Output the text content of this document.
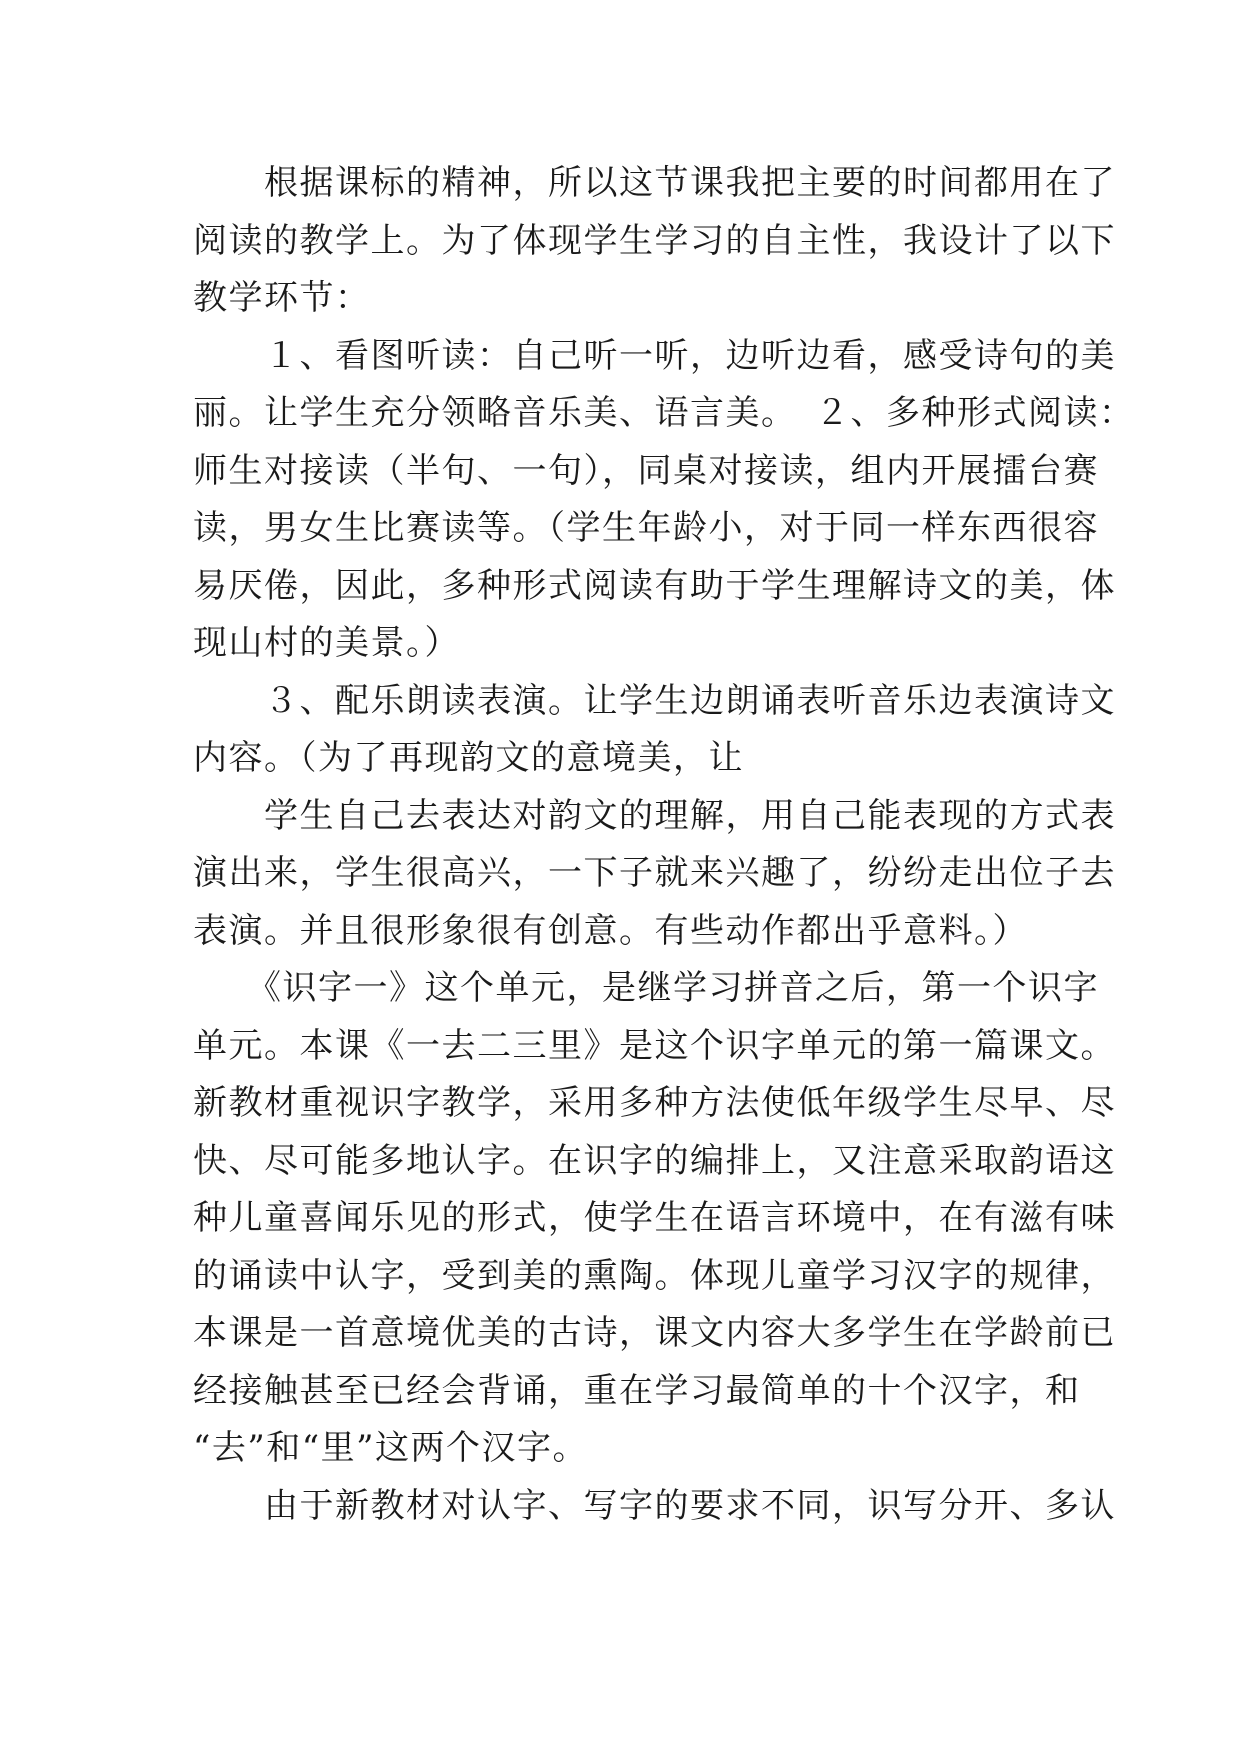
　　根据课标的精神，所以这节课我把主要的时间都用在了
阅读的教学上。为了体现学生学习的自主性，我设计了以下
教学环节：
　　１、看图听读：自己听一听，边听边看，感受诗句的美
丽。让学生充分领略音乐美、语言美。　２、多种形式阅读：
师生对接读（半句、一句），同桌对接读，组内开展擂台赛
读，男女生比赛读等。（学生年龄小，对于同一样东西很容
易厌倦，因此，多种形式阅读有助于学生理解诗文的美，体
现山村的美景。）
　　３、配乐朗读表演。让学生边朗诵表听音乐边表演诗文
内容。（为了再现韵文的意境美，让
　　学生自己去表达对韵文的理解，用自己能表现的方式表
演出来，学生很高兴，一下子就来兴趣了，纷纷走出位子去
表演。并且很形象很有创意。有些动作都出乎意料。）
　　《识字一》这个单元，是继学习拼音之后，第一个识字
单元。本课《一去二三里》是这个识字单元的第一篇课文。
新教材重视识字教学，采用多种方法使低年级学生尽早、尽
快、尽可能多地认字。在识字的编排上，又注意采取韵语这
种儿童喜闻乐见的形式，使学生在语言环境中，在有滋有味
的诵读中认字，受到美的熏陶。体现儿童学习汉字的规律，
本课是一首意境优美的古诗，课文内容大多学生在学龄前已
经接触甚至已经会背诵，重在学习最简单的十个汉字，和
“去”和“里”这两个汉字。
　　由于新教材对认字、写字的要求不同，识写分开、多认
